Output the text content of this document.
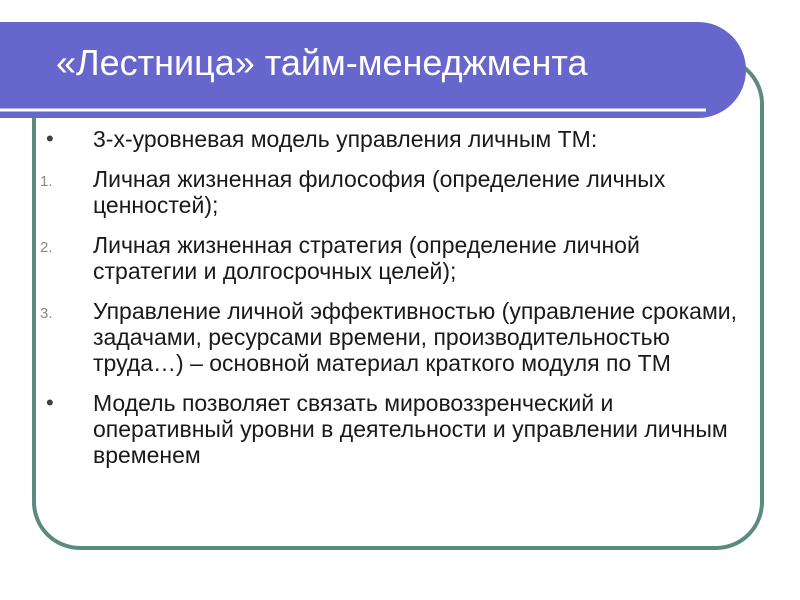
«Лестница» тайм-менеджмента
•	3-х-уровневая модель управления личным ТМ:
1.	Личная жизненная философия (определение личных ценностей);
2.	Личная жизненная стратегия (определение личной стратегии и долгосрочных целей);
3.	Управление личной эффективностью (управление сроками, задачами, ресурсами времени, производительностью труда…) – основной материал краткого модуля по ТМ
•	Модель позволяет связать мировоззренческий и оперативный уровни в деятельности и управлении личным временем
